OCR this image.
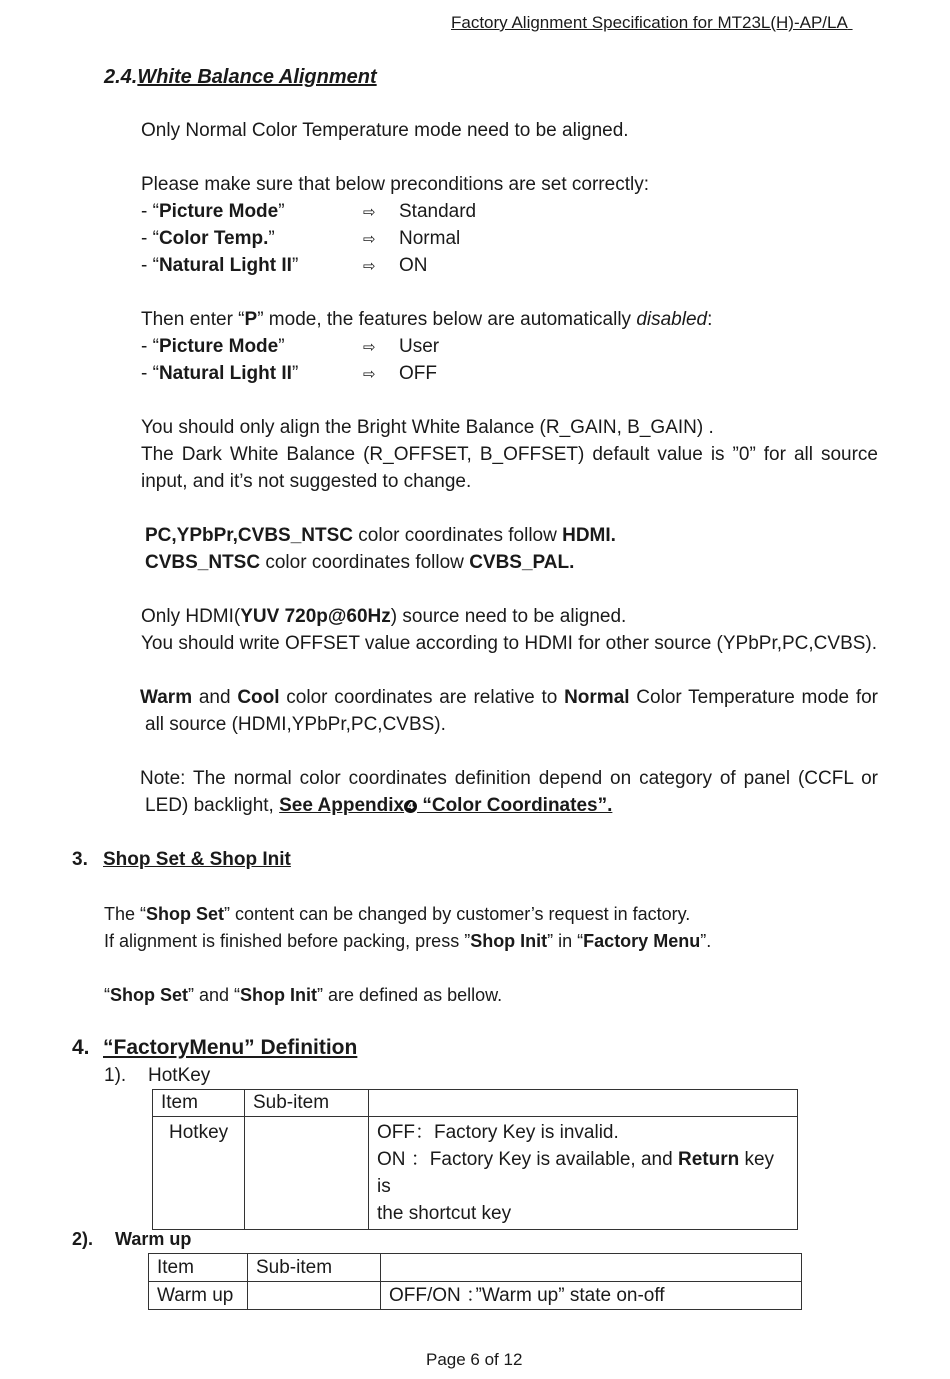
Factory Alignment Specification for MT23L(H)-AP/LA
2.4.White Balance Alignment
Only Normal Color Temperature mode need to be aligned.
Please make sure that below preconditions are set correctly:
- “Picture Mode”	⇨ Standard
- “Color Temp.”	⇨ Normal
- “Natural Light II”	⇨ ON
Then enter “P” mode, the features below are automatically disabled:
- “Picture Mode”	⇨ User
- “Natural Light II”	⇨ OFF
You should only align the Bright White Balance (R_GAIN, B_GAIN) .
The Dark White Balance (R_OFFSET, B_OFFSET) default value is ”0” for all source
input, and it’s not suggested to change.
PC,YPbPr,CVBS_NTSC color coordinates follow HDMI.
CVBS_NTSC color coordinates follow CVBS_PAL.
Only HDMI(YUV 720p@60Hz) source need to be aligned.
You should write OFFSET value according to HDMI for other source (YPbPr,PC,CVBS).
Warm and Cool color coordinates are relative to Normal Color Temperature mode for
all source (HDMI,YPbPr,PC,CVBS).
Note: The normal color coordinates definition depend on category of panel (CCFL or
LED) backlight, See Appendix 4 “Color Coordinates”.
3. Shop Set & Shop Init
The “Shop Set” content can be changed by customer’s request in factory.
If alignment is finished before packing, press ”Shop Init” in “Factory Menu”.
“Shop Set” and “Shop Init” are defined as bellow.
4. “FactoryMenu” Definition
1). HotKey
Item	Sub-item	
Hotkey		OFF：Factory Key is invalid.
ON ：Factory Key is available, and Return key is
the shortcut key
2). Warm up
Item	Sub-item	
Warm up		OFF/ON ：”Warm up” state on-off
Page 6 of 12
